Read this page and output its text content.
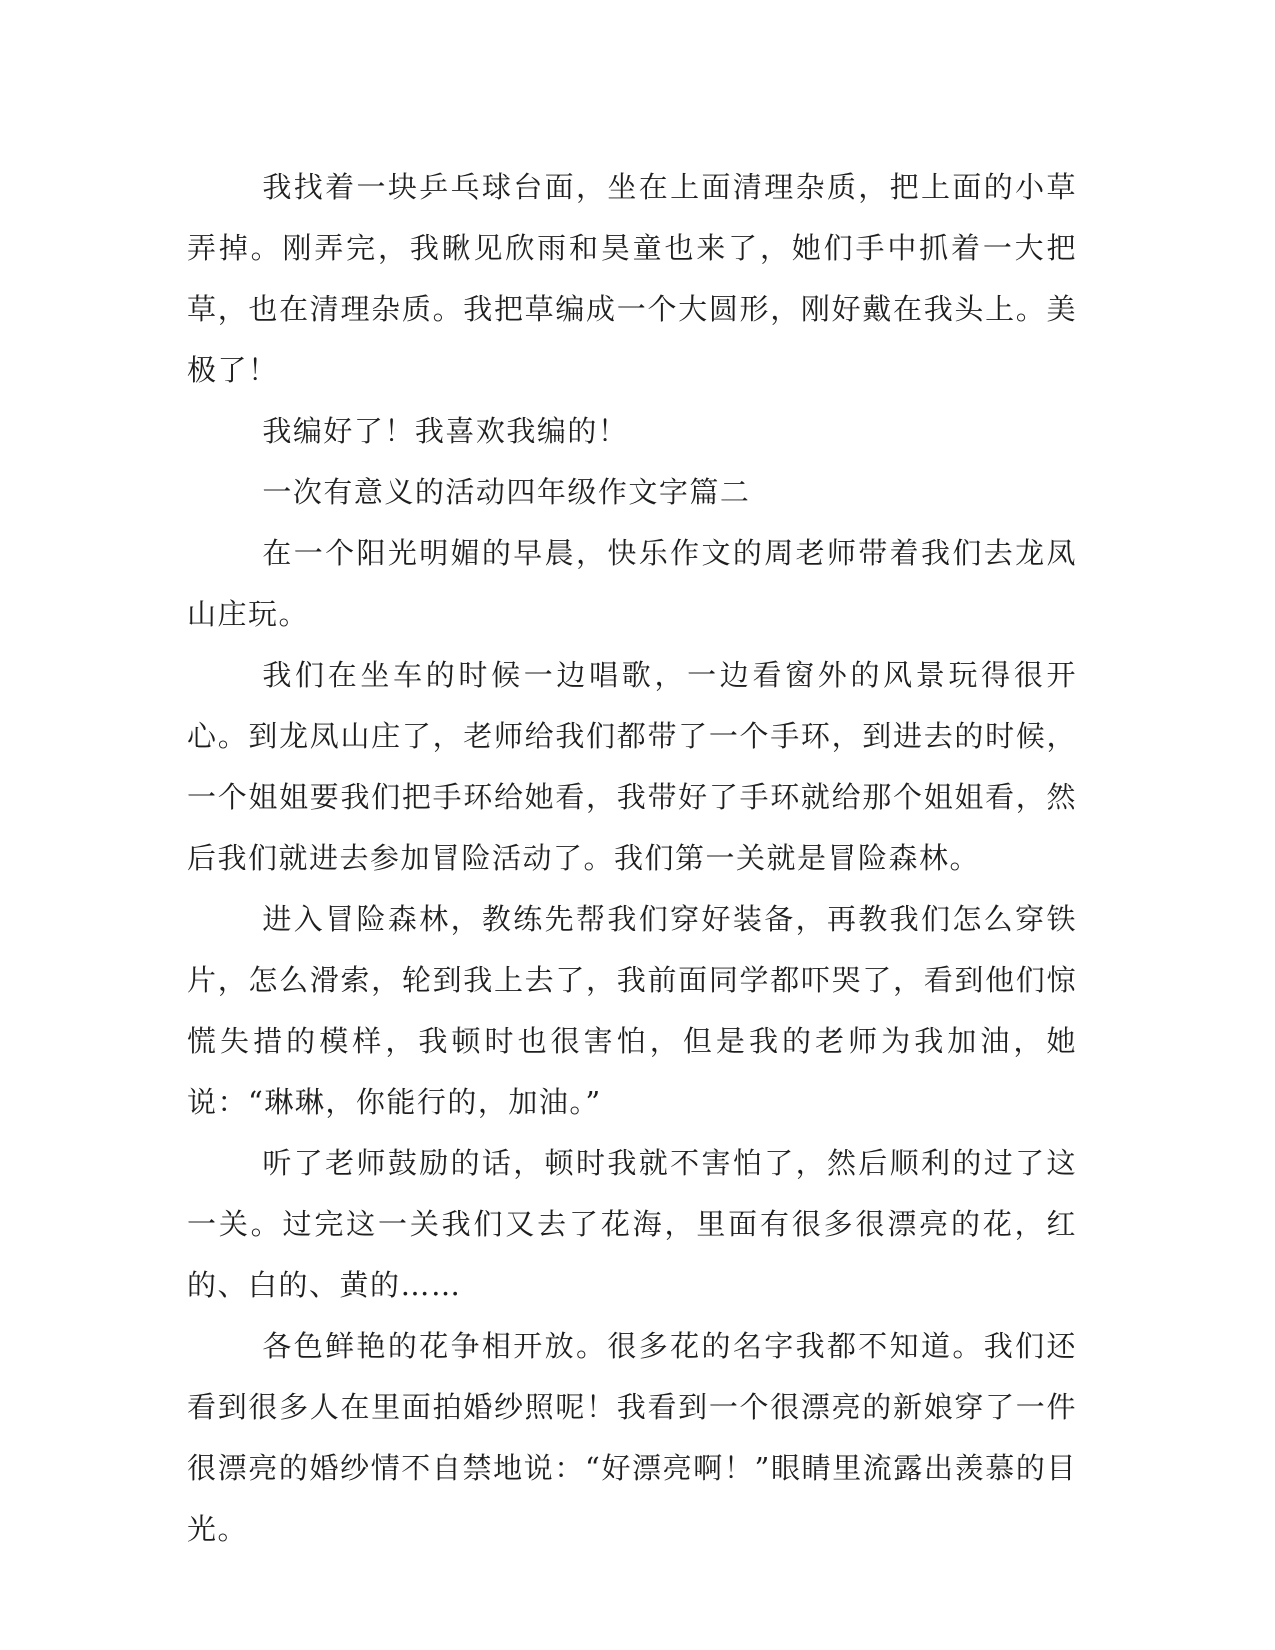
我找着一块乒乓球台面，坐在上面清理杂质，把上面的小草弄掉。刚弄完，我瞅见欣雨和昊童也来了，她们手中抓着一大把草，也在清理杂质。我把草编成一个大圆形，刚好戴在我头上。美极了！

我编好了！我喜欢我编的！

一次有意义的活动四年级作文字篇二

在一个阳光明媚的早晨，快乐作文的周老师带着我们去龙凤山庄玩。

我们在坐车的时候一边唱歌，一边看窗外的风景玩得很开心。到龙凤山庄了，老师给我们都带了一个手环，到进去的时候，一个姐姐要我们把手环给她看，我带好了手环就给那个姐姐看，然后我们就进去参加冒险活动了。我们第一关就是冒险森林。

进入冒险森林，教练先帮我们穿好装备，再教我们怎么穿铁片，怎么滑索，轮到我上去了，我前面同学都吓哭了，看到他们惊慌失措的模样，我顿时也很害怕，但是我的老师为我加油，她说：“琳琳，你能行的，加油。”

听了老师鼓励的话，顿时我就不害怕了，然后顺利的过了这一关。过完这一关我们又去了花海，里面有很多很漂亮的花，红的、白的、黄的……

各色鲜艳的花争相开放。很多花的名字我都不知道。我们还看到很多人在里面拍婚纱照呢！我看到一个很漂亮的新娘穿了一件很漂亮的婚纱情不自禁地说：“好漂亮啊！”眼睛里流露出羡慕的目光。
